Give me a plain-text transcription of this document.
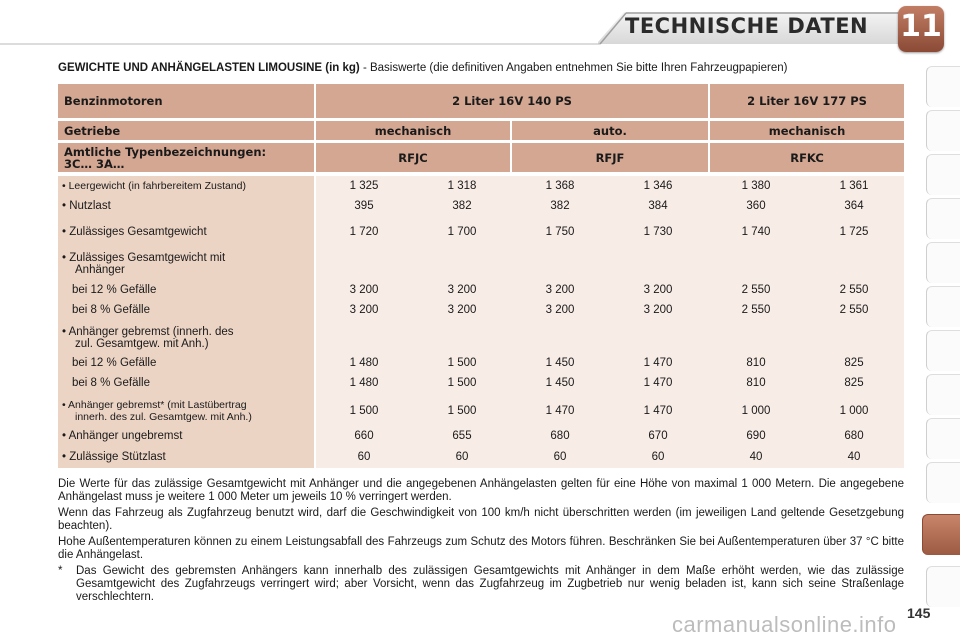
TECHNISCHE DATEN 11
GEWICHTE UND ANHÄNGELASTEN LIMOUSINE (in kg) - Basiswerte (die definitiven Angaben entnehmen Sie bitte Ihren Fahrzeugpapieren)
Benzinmotoren	2 Liter 16V 140 PS	2 Liter 16V 177 PS
Getriebe	mechanisch	auto.	mechanisch
Amtliche Typenbezeichnungen:
3C… 3A…	RFJC	RFJF	RFKC
• Leergewicht (in fahrbereitem Zustand)	1 325	1 318	1 368	1 346	1 380	1 361
• Nutzlast	395	382	382	384	360	364
• Zulässiges Gesamtgewicht	1 720	1 700	1 750	1 730	1 740	1 725
• Zulässiges Gesamtgewicht mit
Anhänger
bei 12 % Gefälle	3 200	3 200	3 200	3 200	2 550	2 550
bei 8 % Gefälle	3 200	3 200	3 200	3 200	2 550	2 550
• Anhänger gebremst (innerh. des
zul. Gesamtgew. mit Anh.)
bei 12 % Gefälle	1 480	1 500	1 450	1 470	810	825
bei 8 % Gefälle	1 480	1 500	1 450	1 470	810	825
• Anhänger gebremst* (mit Lastübertrag
innerh. des zul. Gesamtgew. mit Anh.)	1 500	1 500	1 470	1 470	1 000	1 000
• Anhänger ungebremst	660	655	680	670	690	680
• Zulässige Stützlast	60	60	60	60	40	40

Die Werte für das zulässige Gesamtgewicht mit Anhänger und die angegebenen Anhängelasten gelten für eine Höhe von maximal 1 000 Metern. Die angegebene Anhängelast muss je weitere 1 000 Meter um jeweils 10 % verringert werden.

Wenn das Fahrzeug als Zugfahrzeug benutzt wird, darf die Geschwindigkeit von 100 km/h nicht überschritten werden (im jeweiligen Land geltende Gesetzgebung beachten).

Hohe Außentemperaturen können zu einem Leistungsabfall des Fahrzeugs zum Schutz des Motors führen. Beschränken Sie bei Außentemperaturen über 37 °C bitte die Anhängelast.

*	Das Gewicht des gebremsten Anhängers kann innerhalb des zulässigen Gesamtgewichts mit Anhänger in dem Maße erhöht werden, wie das zulässige Gesamtgewicht des Zugfahrzeugs verringert wird; aber Vorsicht, wenn das Zugfahrzeug im Zugbetrieb nur wenig beladen ist, kann sich seine Straßenlage verschlechtern.
145
carmanualsonline.info
